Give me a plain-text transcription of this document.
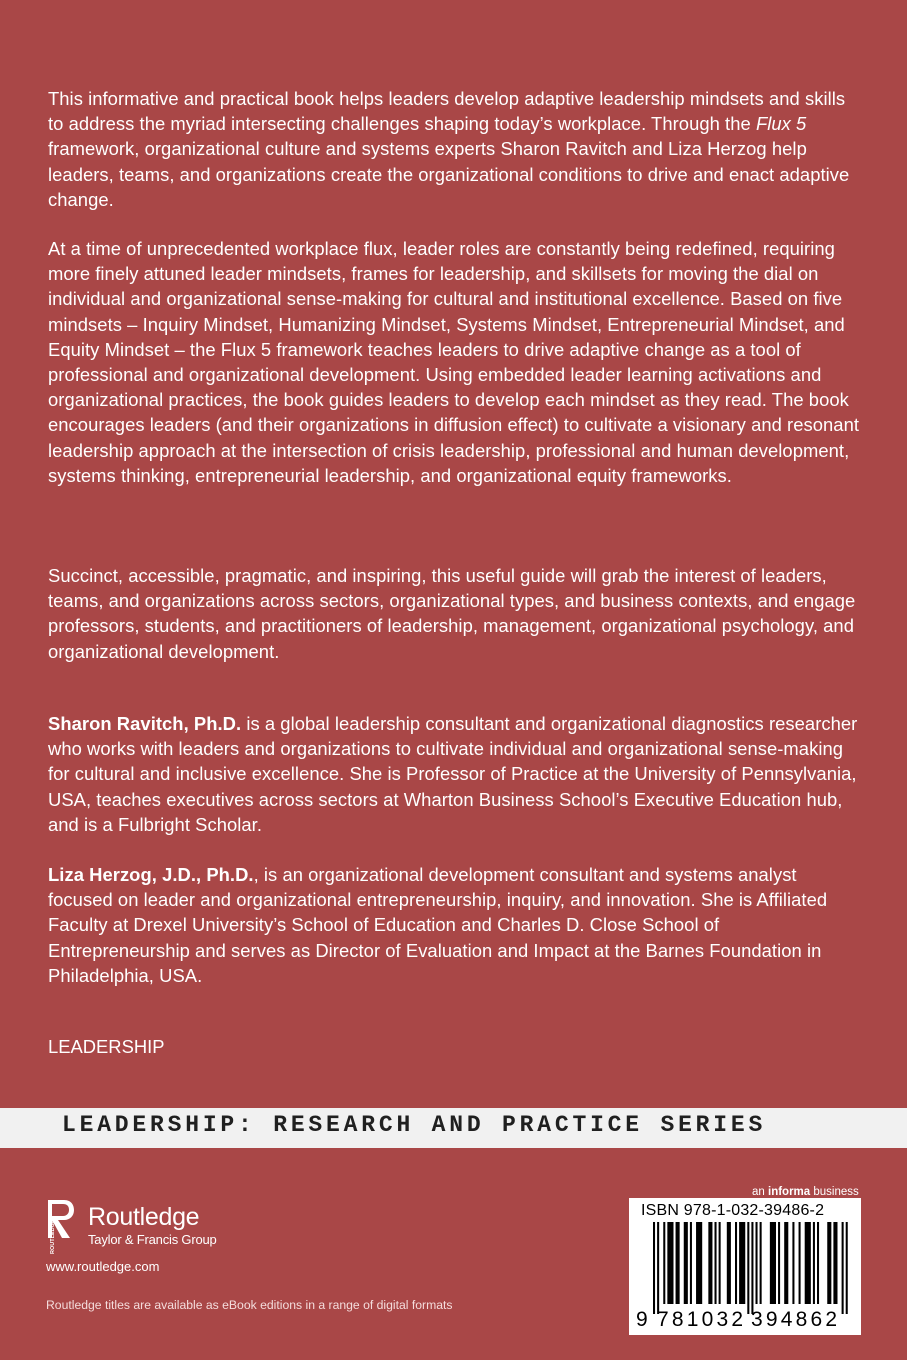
This informative and practical book helps leaders develop adaptive leadership mindsets and skills to address the myriad intersecting challenges shaping today’s workplace. Through the Flux 5 framework, organizational culture and systems experts Sharon Ravitch and Liza Herzog help leaders, teams, and organizations create the organizational conditions to drive and enact adaptive change.
At a time of unprecedented workplace flux, leader roles are constantly being redefined, requiring more finely attuned leader mindsets, frames for leadership, and skillsets for moving the dial on individual and organizational sense-making for cultural and institutional excellence. Based on five mindsets – Inquiry Mindset, Humanizing Mindset, Systems Mindset, Entrepreneurial Mindset, and Equity Mindset – the Flux 5 framework teaches leaders to drive adaptive change as a tool of professional and organizational development. Using embedded leader learning activations and organizational practices, the book guides leaders to develop each mindset as they read. The book encourages leaders (and their organizations in diffusion effect) to cultivate a visionary and resonant leadership approach at the intersection of crisis leadership, professional and human development, systems thinking, entrepreneurial leadership, and organizational equity frameworks.
Succinct, accessible, pragmatic, and inspiring, this useful guide will grab the interest of leaders, teams, and organizations across sectors, organizational types, and business contexts, and engage professors, students, and practitioners of leadership, management, organizational psychology, and organizational development.
Sharon Ravitch, Ph.D. is a global leadership consultant and organizational diagnostics researcher who works with leaders and organizations to cultivate individual and organizational sense-making for cultural and inclusive excellence. She is Professor of Practice at the University of Pennsylvania, USA, teaches executives across sectors at Wharton Business School’s Executive Education hub, and is a Fulbright Scholar.
Liza Herzog, J.D., Ph.D., is an organizational development consultant and systems analyst focused on leader and organizational entrepreneurship, inquiry, and innovation. She is Affiliated Faculty at Drexel University’s School of Education and Charles D. Close School of Entrepreneurship and serves as Director of Evaluation and Impact at the Barnes Foundation in Philadelphia, USA.
LEADERSHIP
LEADERSHIP: RESEARCH AND PRACTICE SERIES
ROUTLEDGE
Routledge
Taylor & Francis Group
www.routledge.com
Routledge titles are available as eBook editions in a range of digital formats
an informa business
ISBN 978-1-032-39486-2
9 781032 394862
